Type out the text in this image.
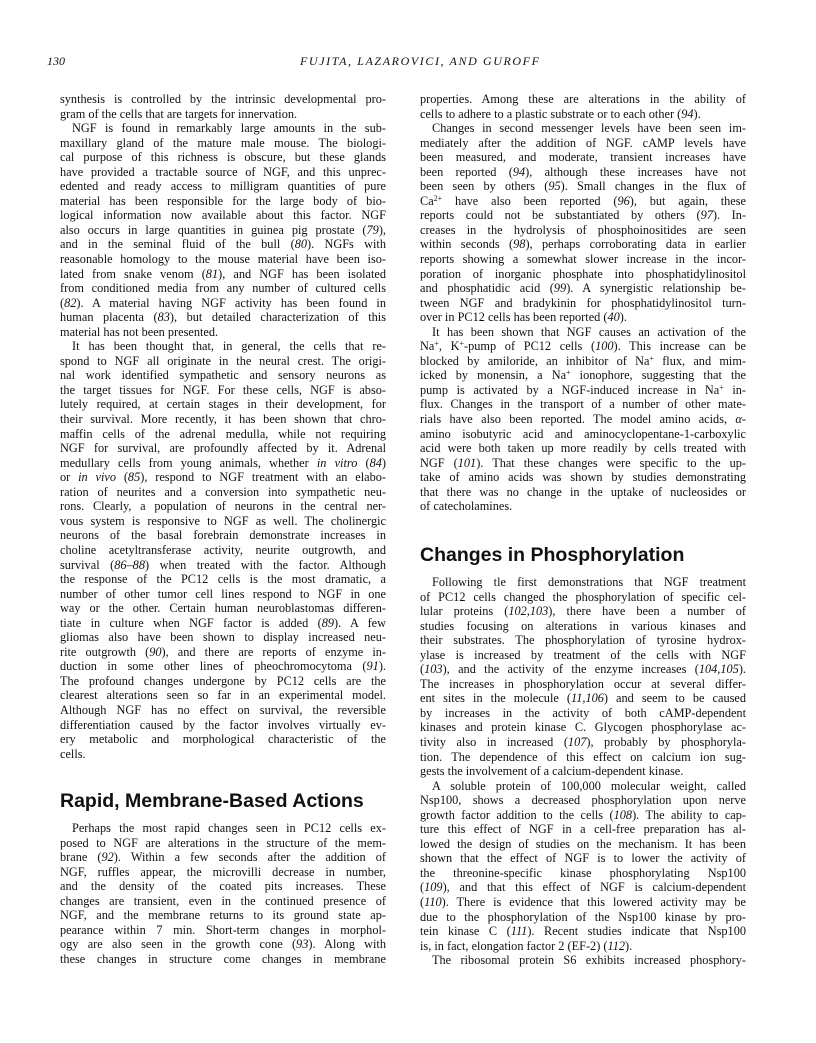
130	FUJITA, LAZAROVICI, AND GUROFF
synthesis is controlled by the intrinsic developmental pro-
gram of the cells that are targets for innervation.
NGF is found in remarkably large amounts in the sub-
maxillary gland of the mature male mouse. The biologi-
cal purpose of this richness is obscure, but these glands
have provided a tractable source of NGF, and this unprec-
edented and ready access to milligram quantities of pure
material has been responsible for the large body of bio-
logical information now available about this factor. NGF
also occurs in large quantities in guinea pig prostate (79),
and in the seminal fluid of the bull (80). NGFs with
reasonable homology to the mouse material have been iso-
lated from snake venom (81), and NGF has been isolated
from conditioned media from any number of cultured cells
(82). A material having NGF activity has been found in
human placenta (83), but detailed characterization of this
material has not been presented.
It has been thought that, in general, the cells that re-
spond to NGF all originate in the neural crest. The origi-
nal work identified sympathetic and sensory neurons as
the target tissues for NGF. For these cells, NGF is abso-
lutely required, at certain stages in their development, for
their survival. More recently, it has been shown that chro-
maffin cells of the adrenal medulla, while not requiring
NGF for survival, are profoundly affected by it. Adrenal
medullary cells from young animals, whether in vitro (84)
or in vivo (85), respond to NGF treatment with an elabo-
ration of neurites and a conversion into sympathetic neu-
rons. Clearly, a population of neurons in the central ner-
vous system is responsive to NGF as well. The cholinergic
neurons of the basal forebrain demonstrate increases in
choline acetyltransferase activity, neurite outgrowth, and
survival (86–88) when treated with the factor. Although
the response of the PC12 cells is the most dramatic, a
number of other tumor cell lines respond to NGF in one
way or the other. Certain human neuroblastomas differen-
tiate in culture when NGF factor is added (89). A few
gliomas also have been shown to display increased neu-
rite outgrowth (90), and there are reports of enzyme in-
duction in some other lines of pheochromocytoma (91).
The profound changes undergone by PC12 cells are the
clearest alterations seen so far in an experimental model.
Although NGF has no effect on survival, the reversible
differentiation caused by the factor involves virtually ev-
ery metabolic and morphological characteristic of the
cells.
Rapid, Membrane-Based Actions
Perhaps the most rapid changes seen in PC12 cells ex-
posed to NGF are alterations in the structure of the mem-
brane (92). Within a few seconds after the addition of
NGF, ruffles appear, the microvilli decrease in number,
and the density of the coated pits increases. These
changes are transient, even in the continued presence of
NGF, and the membrane returns to its ground state ap-
pearance within 7 min. Short-term changes in morphol-
ogy are also seen in the growth cone (93). Along with
these changes in structure come changes in membrane
properties. Among these are alterations in the ability of
cells to adhere to a plastic substrate or to each other (94).
Changes in second messenger levels have been seen im-
mediately after the addition of NGF. cAMP levels have
been measured, and moderate, transient increases have
been reported (94), although these increases have not
been seen by others (95). Small changes in the flux of
$Ca^{2+}$ have also been reported (96), but again, these
reports could not be substantiated by others (97). In-
creases in the hydrolysis of phosphoinositides are seen
within seconds (98), perhaps corroborating data in earlier
reports showing a somewhat slower increase in the incor-
poration of inorganic phosphate into phosphatidylinositol
and phosphatidic acid (99). A synergistic relationship be-
tween NGF and bradykinin for phosphatidylinositol turn-
over in PC12 cells has been reported (40).
It has been shown that NGF causes an activation of the
Na+, K+-pump of PC12 cells (100). This increase can be
blocked by amiloride, an inhibitor of Na+ flux, and mim-
icked by monensin, a Na+ ionophore, suggesting that the
pump is activated by a NGF-induced increase in Na+ in-
flux. Changes in the transport of a number of other mate-
rials have also been reported. The model amino acids, α-
amino isobutyric acid and aminocyclopentane-1-carboxylic
acid were both taken up more readily by cells treated with
NGF (101). That these changes were specific to the up-
take of amino acids was shown by studies demonstrating
that there was no change in the uptake of nucleosides or
of catecholamines.
Changes in Phosphorylation
Following tle first demonstrations that NGF treatment
of PC12 cells changed the phosphorylation of specific cel-
lular proteins (102,103), there have been a number of
studies focusing on alterations in various kinases and
their substrates. The phosphorylation of tyrosine hydrox-
ylase is increased by treatment of the cells with NGF
(103), and the activity of the enzyme increases (104,105).
The increases in phosphorylation occur at several differ-
ent sites in the molecule (11,106) and seem to be caused
by increases in the activity of both cAMP-dependent
kinases and protein kinase C. Glycogen phosphorylase ac-
tivity also in increased (107), probably by phosphoryla-
tion. The dependence of this effect on calcium ion sug-
gests the involvement of a calcium-dependent kinase.
A soluble protein of 100,000 molecular weight, called
Nsp100, shows a decreased phosphorylation upon nerve
growth factor addition to the cells (108). The ability to cap-
ture this effect of NGF in a cell-free preparation has al-
lowed the design of studies on the mechanism. It has been
shown that the effect of NGF is to lower the activity of
the threonine-specific kinase phosphorylating Nsp100
(109), and that this effect of NGF is calcium-dependent
(110). There is evidence that this lowered activity may be
due to the phosphorylation of the Nsp100 kinase by pro-
tein kinase C (111). Recent studies indicate that Nsp100
is, in fact, elongation factor 2 (EF-2) (112).
The ribosomal protein S6 exhibits increased phosphory-
